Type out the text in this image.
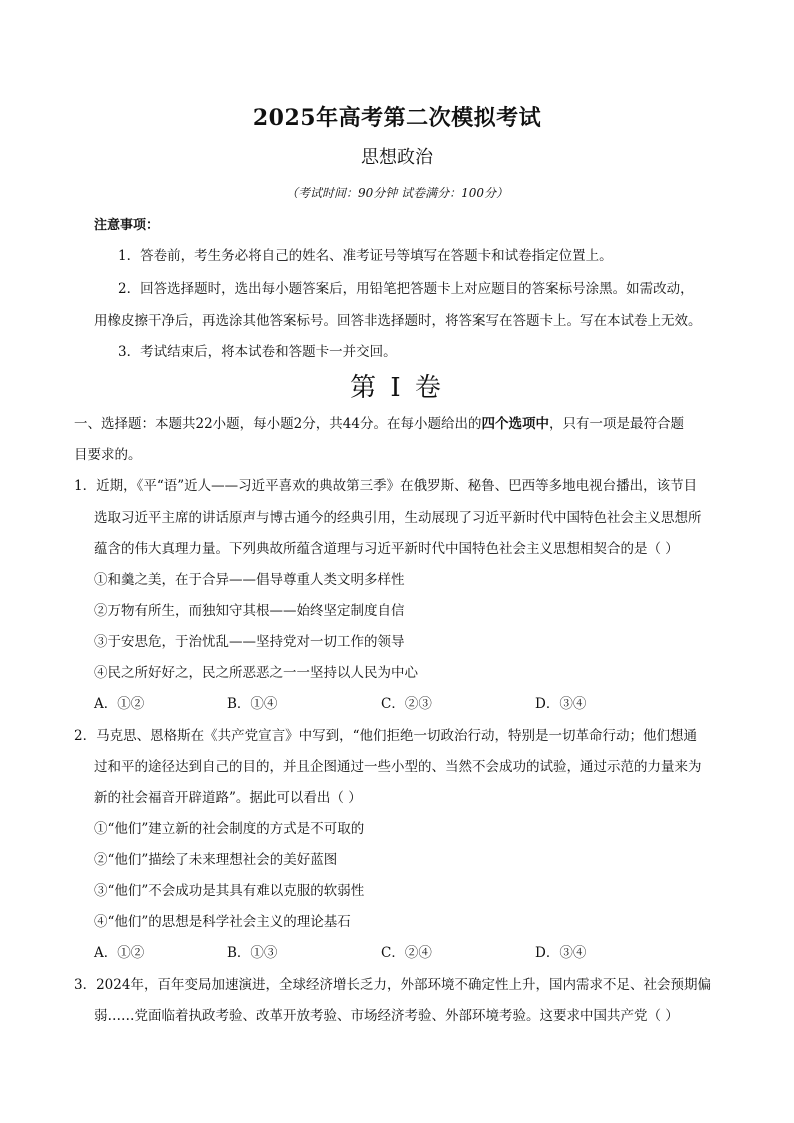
2025年高考第二次模拟考试
思想政治
（考试时间：90分钟 试卷满分：100分）
注意事项：
1．答卷前，考生务必将自己的姓名、准考证号等填写在答题卡和试卷指定位置上。
2．回答选择题时，选出每小题答案后，用铅笔把答题卡上对应题目的答案标号涂黑。如需改动，
用橡皮擦干净后，再选涂其他答案标号。回答非选择题时，将答案写在答题卡上。写在本试卷上无效。
3．考试结束后，将本试卷和答题卡一并交回。
第 I 卷
一、选择题：本题共22小题，每小题2分，共44分。在每小题给出的四个选项中，只有一项是最符合题
目要求的。
1．近期，《平“语”近人——习近平喜欢的典故第三季》在俄罗斯、秘鲁、巴西等多地电视台播出，该节目
选取习近平主席的讲话原声与博古通今的经典引用，生动展现了习近平新时代中国特色社会主义思想所
蕴含的伟大真理力量。下列典故所蕴含道理与习近平新时代中国特色社会主义思想相契合的是（ ）
①和羹之美，在于合异——倡导尊重人类文明多样性
②万物有所生，而独知守其根——始终坚定制度自信
③于安思危，于治忧乱——坚持党对一切工作的领导
④民之所好好之，民之所恶恶之一一坚持以人民为中心
A．①②	B．①④	C．②③	D．③④
2．马克思、恩格斯在《共产党宣言》中写到，“他们拒绝一切政治行动，特别是一切革命行动；他们想通
过和平的途径达到自己的目的，并且企图通过一些小型的、当然不会成功的试验，通过示范的力量来为
新的社会福音开辟道路”。据此可以看出（ ）
①“他们”建立新的社会制度的方式是不可取的
②“他们”描绘了未来理想社会的美好蓝图
③“他们”不会成功是其具有难以克服的软弱性
④“他们”的思想是科学社会主义的理论基石
A．①②	B．①③	C．②④	D．③④
3．2024年，百年变局加速演进，全球经济增长乏力，外部环境不确定性上升，国内需求不足、社会预期偏
弱……党面临着执政考验、改革开放考验、市场经济考验、外部环境考验。这要求中国共产党（ ）
